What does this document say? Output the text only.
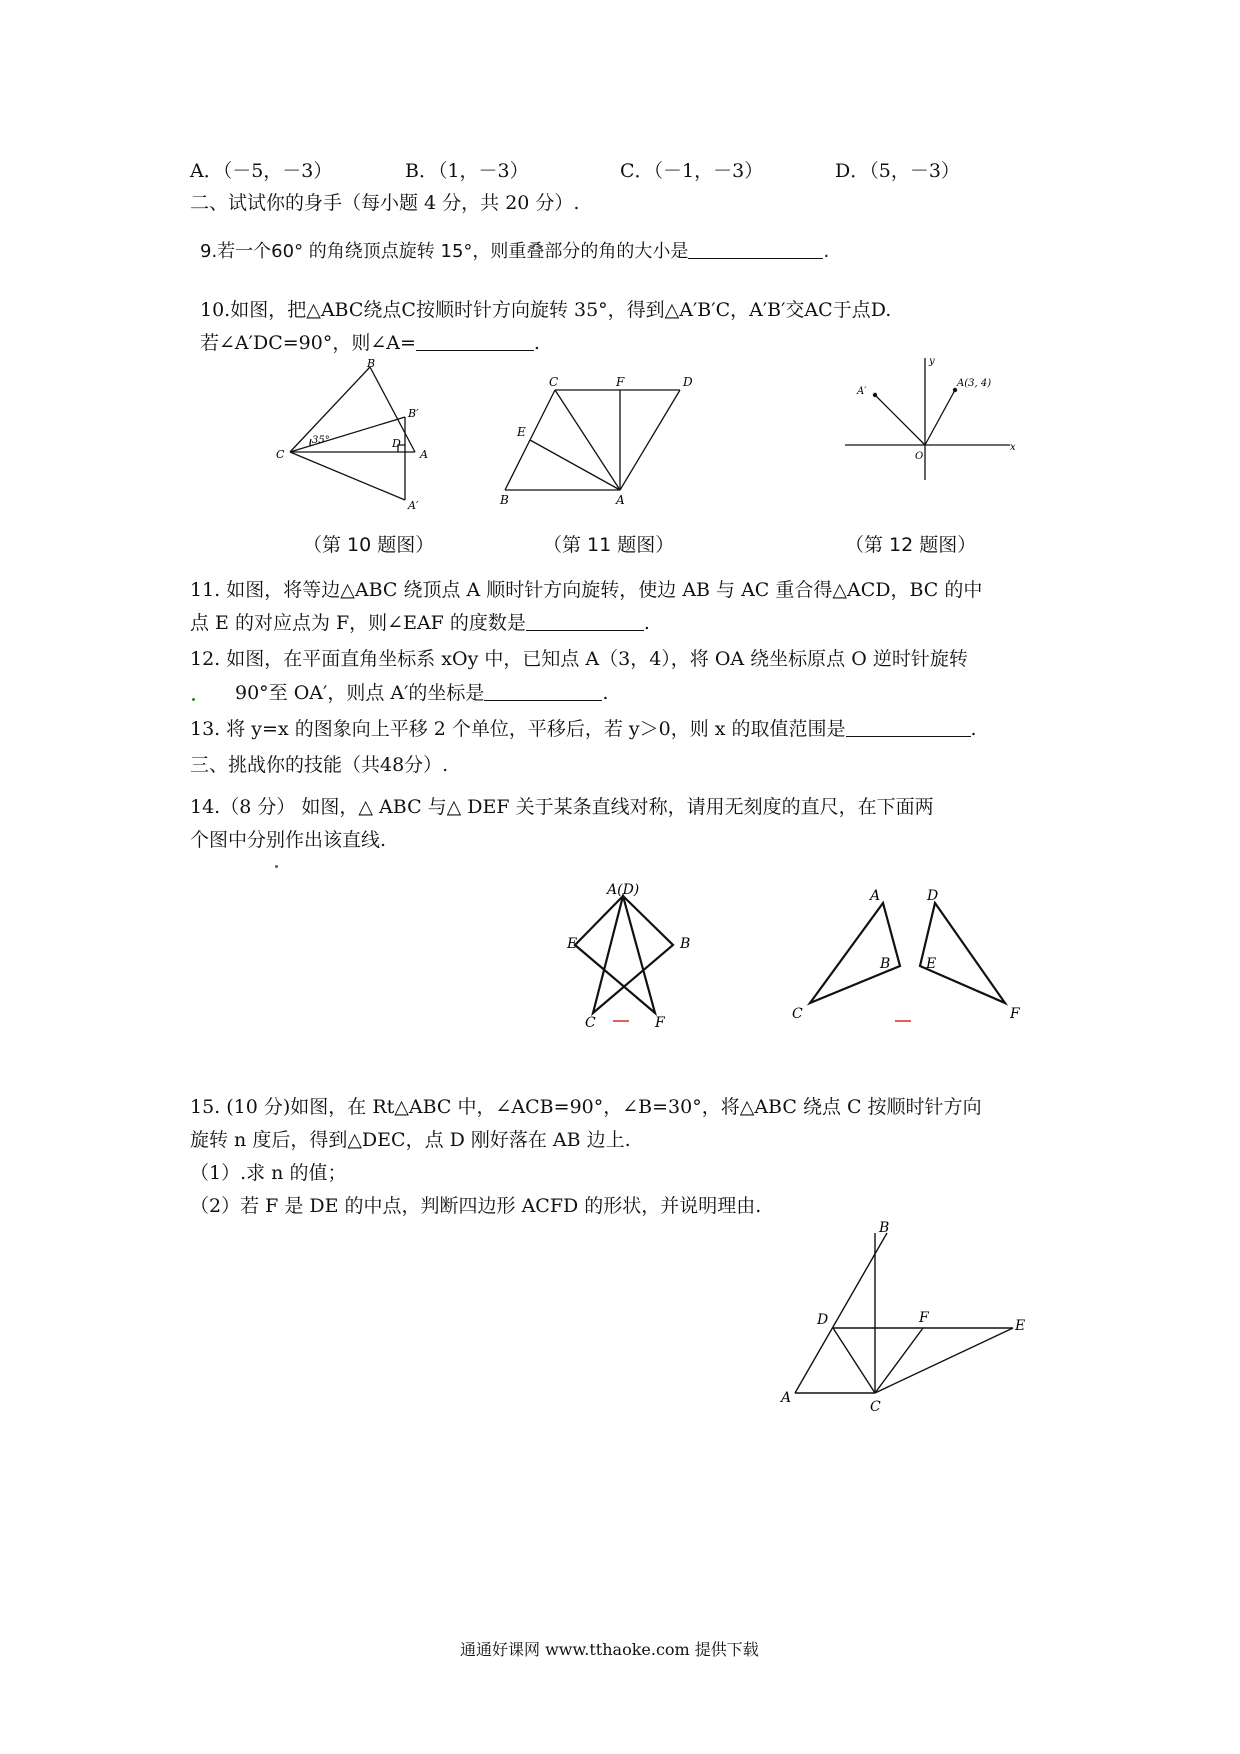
A．（－5，－3）	B．（1，－3）	C．（－1，－3）	D．（5，－3）
二、试试你的身手（每小题 4 分，共 20 分）.
9.若一个60° 的角绕顶点旋转 15°，则重叠部分的角的大小是	.
10.如图，把△ABC绕点C按顺时针方向旋转 35°，得到△A′B′C，A′B′交AC于点D.
若∠A′DC=90°，则∠A=	.
B
B′
C
35°	D
A
A′
C	F	D
E
B	A
y
A(3, 4)
A′
O
x
（第 10 题图）	（第 11 题图）	（第 12 题图）
11. 如图，将等边△ABC 绕顶点 A 顺时针方向旋转，使边 AB 与 AC 重合得△ACD，BC 的中
点 E 的对应点为 F，则∠EAF 的度数是	.
12. 如图，在平面直角坐标系 xOy 中，已知点 A（3，4），将 OA 绕坐标原点 O 逆时针旋转
90°至 OA′，则点 A′的坐标是	.
13. 将 y=x 的图象向上平移 2 个单位，平移后，若 y＞0，则 x 的取值范围是	.
三、挑战你的技能（共48分）.
14.（8 分） 如图，△ ABC 与△ DEF 关于某条直线对称，请用无刻度的直尺，在下面两
个图中分别作出该直线.
A(D)
E	B
C	F
A
B
C
D
E
F
15. (10 分)如图，在 Rt△ABC 中，∠ACB=90°，∠B=30°，将△ABC 绕点 C 按顺时针方向
旋转 n 度后，得到△DEC，点 D 刚好落在 AB 边上.
（1）.求 n 的值；
（2）若 F 是 DE 的中点，判断四边形 ACFD 的形状，并说明理由.
B
D	F	E
A
C
通通好课网 www.tthaoke.com 提供下载
